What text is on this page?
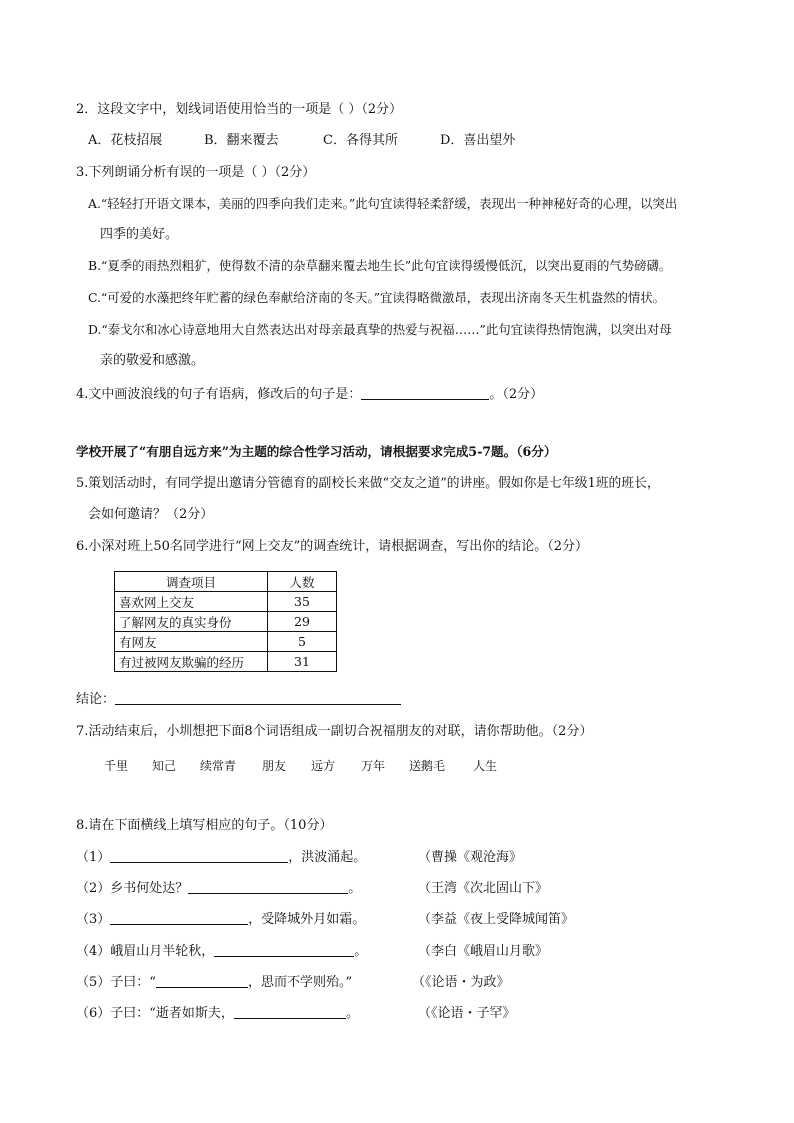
2．这段文字中，划线词语使用恰当的一项是（ ）（2分）
A．花枝招展	B．翻来覆去	C．各得其所	D．喜出望外
3.下列朗诵分析有误的一项是（ ）（2分）
A.“轻轻打开语文课本，美丽的四季向我们走来。”此句宜读得轻柔舒缓，表现出一种神秘好奇的心理，以突出
四季的美好。
B.“夏季的雨热烈粗犷，使得数不清的杂草翻来覆去地生长”此句宜读得缓慢低沉，以突出夏雨的气势磅礴。
C.“可爱的水藻把终年贮蓄的绿色奉献给济南的冬天。”宜读得略微激昂，表现出济南冬天生机盎然的情状。
D.“泰戈尔和冰心诗意地用大自然表达出对母亲最真挚的热爱与祝福……”此句宜读得热情饱满，以突出对母
亲的敬爱和感激。
4.文中画波浪线的句子有语病，修改后的句子是：	。（2分）
学校开展了“有朋自远方来”为主题的综合性学习活动，请根据要求完成5-7题。（6分）
5.策划活动时，有同学提出邀请分管德育的副校长来做“交友之道”的讲座。假如你是七年级1班的班长，
会如何邀请？（2分）
6.小深对班上50名同学进行“网上交友”的调查统计，请根据调查，写出你的结论。（2分）
调查项目	人数
喜欢网上交友	35
了解网友的真实身份	29
有网友	5
有过被网友欺骗的经历	31
结论：
7.活动结束后，小圳想把下面8个词语组成一副切合祝福朋友的对联，请你帮助他。（2分）
千里 知己 续常青 朋友 远方 万年 送鹅毛 人生
8.请在下面横线上填写相应的句子。（10分）
（1）	，洪波涌起。	（曹操《观沧海》
（2）乡书何处达？	。	（王湾《次北固山下》
（3）	，受降城外月如霜。	（李益《夜上受降城闻笛》
（4）峨眉山月半轮秋，	。	（李白《峨眉山月歌》
（5）子曰：“	，思而不学则殆。”	（《论语・为政》
（6）子曰：“逝者如斯夫，	。	（《论语・子罕》
